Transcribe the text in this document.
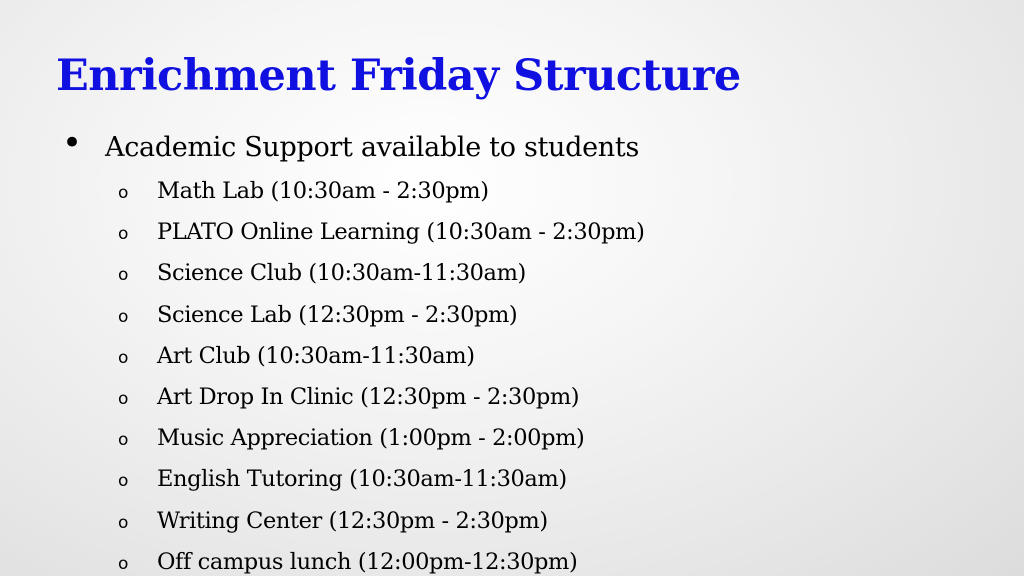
Enrichment Friday Structure
• Academic Support available to students
o Math Lab (10:30am - 2:30pm)
o PLATO Online Learning (10:30am - 2:30pm)
o Science Club (10:30am-11:30am)
o Science Lab (12:30pm - 2:30pm)
o Art Club (10:30am-11:30am)
o Art Drop In Clinic (12:30pm - 2:30pm)
o Music Appreciation (1:00pm - 2:00pm)
o English Tutoring (10:30am-11:30am)
o Writing Center (12:30pm - 2:30pm)
o Off campus lunch (12:00pm-12:30pm)
